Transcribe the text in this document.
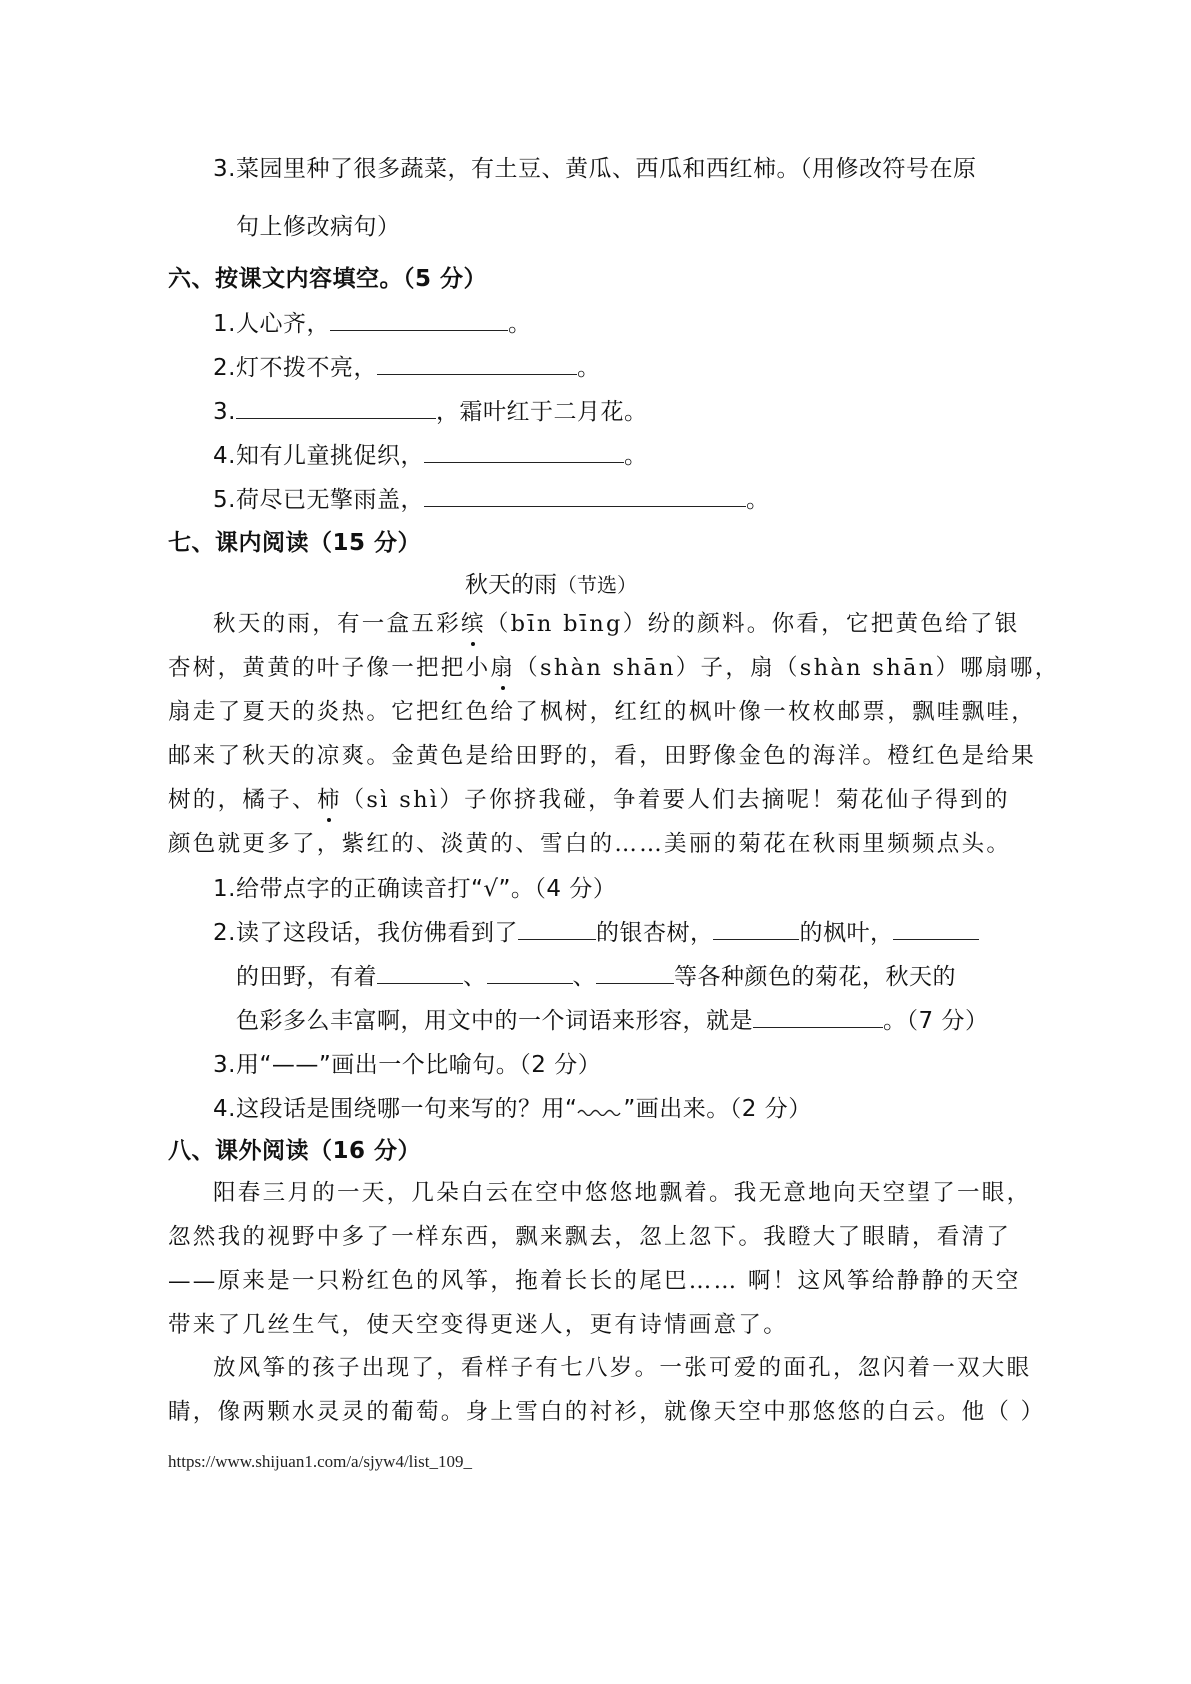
3.菜园里种了很多蔬菜，有土豆、黄瓜、西瓜和西红柿。（用修改符号在原
句上修改病句）
六、按课文内容填空。（5 分）
1.人心齐，	。
2.灯不拨不亮，	。
3.	，霜叶红于二月花。
4.知有儿童挑促织，	。
5.荷尽已无擎雨盖，	。
七、课内阅读（15 分）
秋天的雨（节选）
秋天的雨，有一盒五彩缤（bīn bīng）纷的颜料。你看，它把黄色给了银
杏树，黄黄的叶子像一把把小扇（shàn shān）子，扇（shàn shān）哪扇哪，
扇走了夏天的炎热。它把红色给了枫树，红红的枫叶像一枚枚邮票，飘哇飘哇，
邮来了秋天的凉爽。金黄色是给田野的，看，田野像金色的海洋。橙红色是给果
树的，橘子、柿（sì shì）子你挤我碰，争着要人们去摘呢！菊花仙子得到的
颜色就更多了，紫红的、淡黄的、雪白的……美丽的菊花在秋雨里频频点头。
1.给带点字的正确读音打“√”。（4 分）
2.读了这段话，我仿佛看到了	的银杏树，	的枫叶，
的田野，有着	、	、	等各种颜色的菊花，秋天的
色彩多么丰富啊，用文中的一个词语来形容，就是	。（7 分）
3.用“——”画出一个比喻句。（2 分）
4.这段话是围绕哪一句来写的？用“ ”画出来。（2 分）
八、课外阅读（16 分）
阳春三月的一天，几朵白云在空中悠悠地飘着。我无意地向天空望了一眼，
忽然我的视野中多了一样东西，飘来飘去，忽上忽下。我瞪大了眼睛，看清了
——原来是一只粉红色的风筝，拖着长长的尾巴…… 啊！这风筝给静静的天空
带来了几丝生气，使天空变得更迷人，更有诗情画意了。
放风筝的孩子出现了，看样子有七八岁。一张可爱的面孔，忽闪着一双大眼
睛，像两颗水灵灵的葡萄。身上雪白的衬衫，就像天空中那悠悠的白云。他（ ）
https://www.shijuan1.com/a/sjyw4/list_109_
